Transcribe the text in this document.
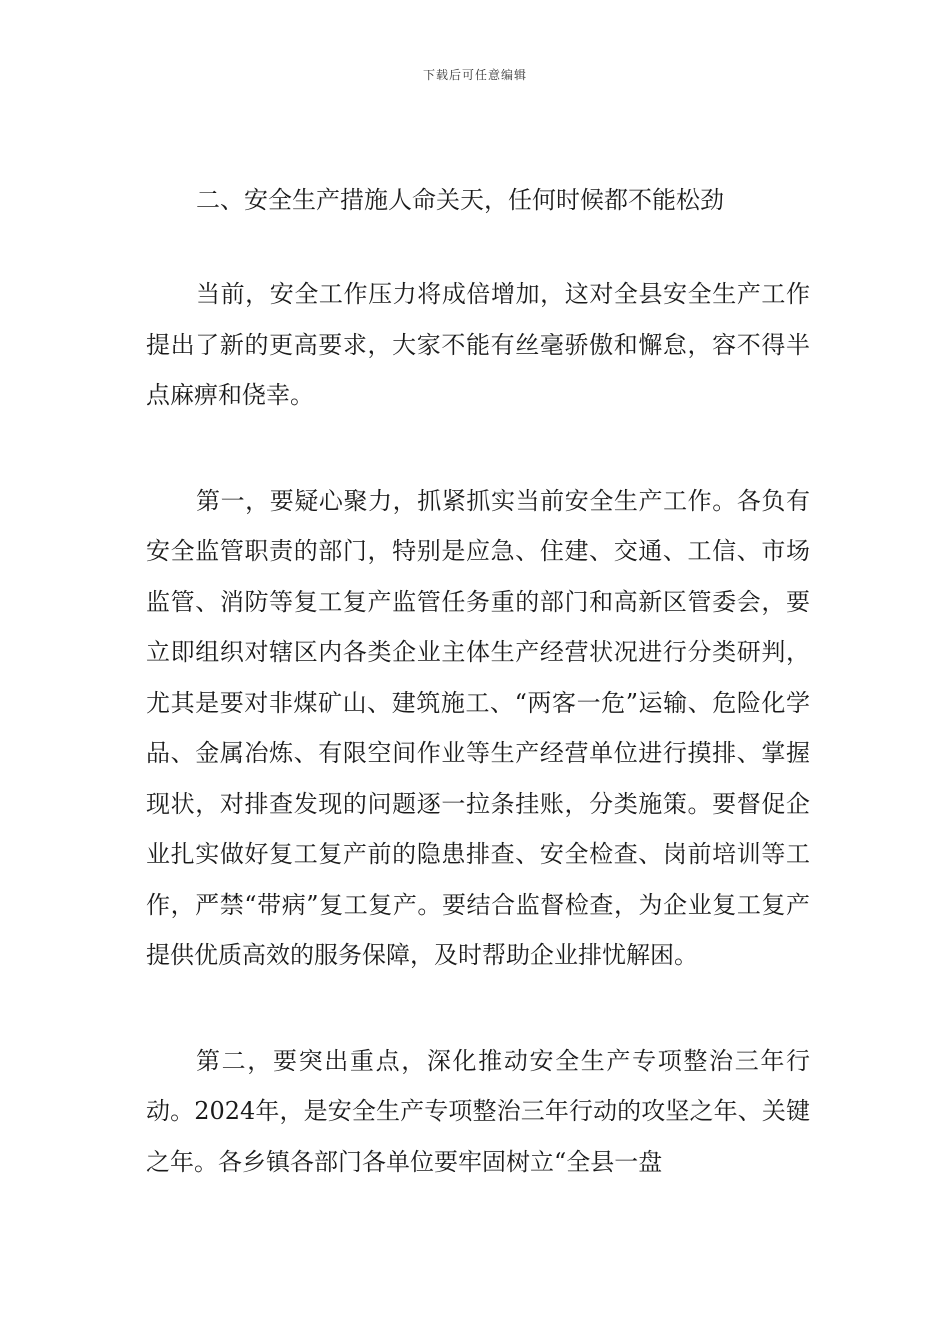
下载后可任意编辑
二、安全生产措施人命关天，任何时候都不能松劲

当前，安全工作压力将成倍增加，这对全县安全生产工作提出了新的更高要求，大家不能有丝毫骄傲和懈怠，容不得半点麻痹和侥幸。

第一，要疑心聚力，抓紧抓实当前安全生产工作。各负有安全监管职责的部门，特别是应急、住建、交通、工信、市场监管、消防等复工复产监管任务重的部门和高新区管委会，要立即组织对辖区内各类企业主体生产经营状况进行分类研判，尤其是要对非煤矿山、建筑施工、“两客一危”运输、危险化学品、金属冶炼、有限空间作业等生产经营单位进行摸排、掌握现状，对排查发现的问题逐一拉条挂账，分类施策。要督促企业扎实做好复工复产前的隐患排查、安全检查、岗前培训等工作，严禁“带病”复工复产。要结合监督检查，为企业复工复产提供优质高效的服务保障，及时帮助企业排忧解困。

第二，要突出重点，深化推动安全生产专项整治三年行动。2024年，是安全生产专项整治三年行动的攻坚之年、关键之年。各乡镇各部门各单位要牢固树立“全县一盘
